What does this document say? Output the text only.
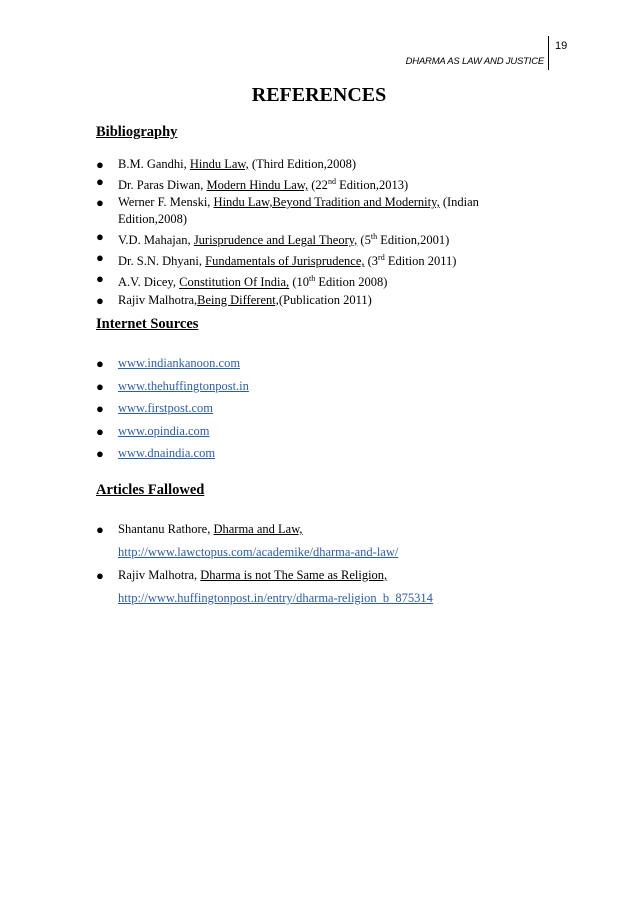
19
DHARMA AS LAW AND JUSTICE
REFERENCES
Bibliography
● B.M. Gandhi, Hindu Law, (Third Edition,2008)
● Dr. Paras Diwan, Modern Hindu Law, (22nd Edition,2013)
● Werner F. Menski, Hindu Law,Beyond Tradition and Modernity, (Indian Edition,2008)
● V.D. Mahajan, Jurisprudence and Legal Theory, (5th Edition,2001)
● Dr. S.N. Dhyani, Fundamentals of Jurisprudence, (3rd Edition 2011)
● A.V. Dicey, Constitution Of India, (10th Edition 2008)
● Rajiv Malhotra,Being Different,(Publication 2011)
Internet Sources
● www.indiankanoon.com
● www.thehuffingtonpost.in
● www.firstpost.com
● www.opindia.com
● www.dnaindia.com
Articles Fallowed
● Shantanu Rathore, Dharma and Law,
http://www.lawctopus.com/academike/dharma-and-law/
● Rajiv Malhotra, Dharma is not The Same as Religion,
http://www.huffingtonpost.in/entry/dharma-religion_b_875314
